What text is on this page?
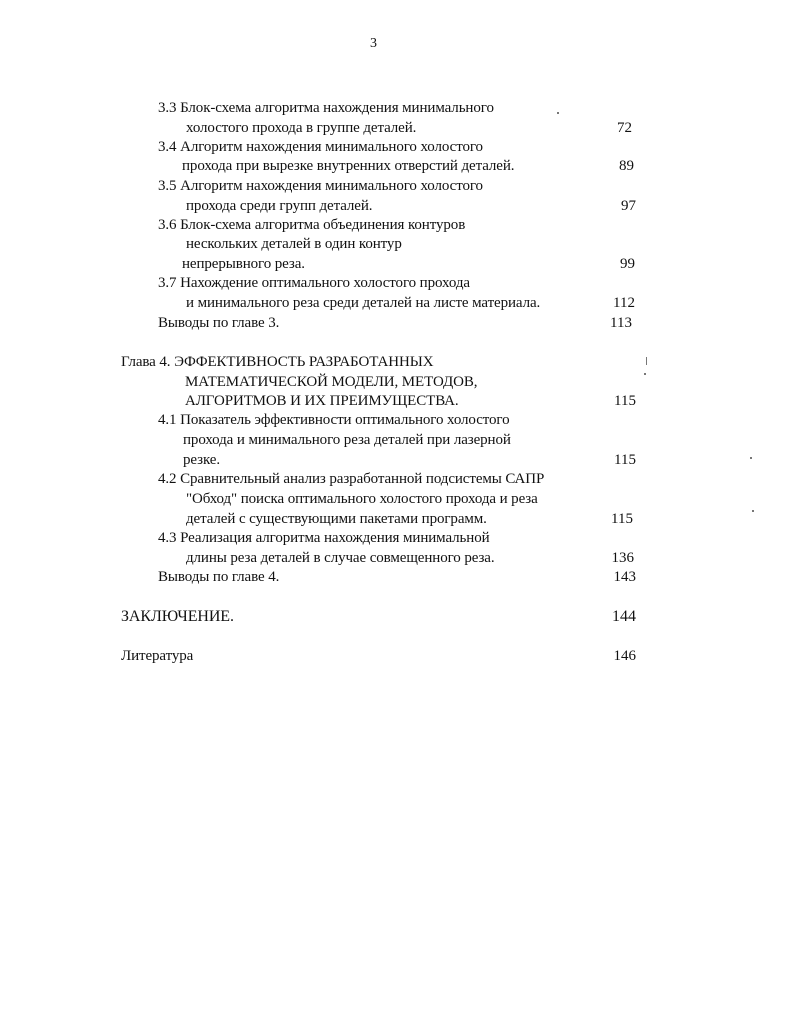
3
3.3 Блок-схема алгоритма нахождения минимального
холостого прохода в группе деталей.	72
3.4 Алгоритм нахождения минимального холостого
прохода при вырезке внутренних отверстий деталей.	89
3.5 Алгоритм нахождения минимального холостого
прохода среди групп деталей.	97
3.6 Блок-схема алгоритма объединения контуров
нескольких деталей в один контур
непрерывного реза.	99
3.7 Нахождение оптимального холостого прохода
и минимального реза среди деталей на листе материала.	112
Выводы по главе 3.	113
Глава 4. ЭФФЕКТИВНОСТЬ РАЗРАБОТАННЫХ
МАТЕМАТИЧЕСКОЙ МОДЕЛИ, МЕТОДОВ,
АЛГОРИТМОВ И ИХ ПРЕИМУЩЕСТВА.	115
4.1 Показатель эффективности оптимального холостого
прохода и минимального реза деталей при лазерной
резке.	115
4.2 Сравнительный анализ разработанной подсистемы САПР
"Обход" поиска оптимального холостого прохода и реза
деталей с существующими пакетами программ.	115
4.3 Реализация алгоритма нахождения минимальной
длины реза деталей в случае совмещенного реза.	136
Выводы по главе 4.	143
ЗАКЛЮЧЕНИЕ.	144
Литература	146
